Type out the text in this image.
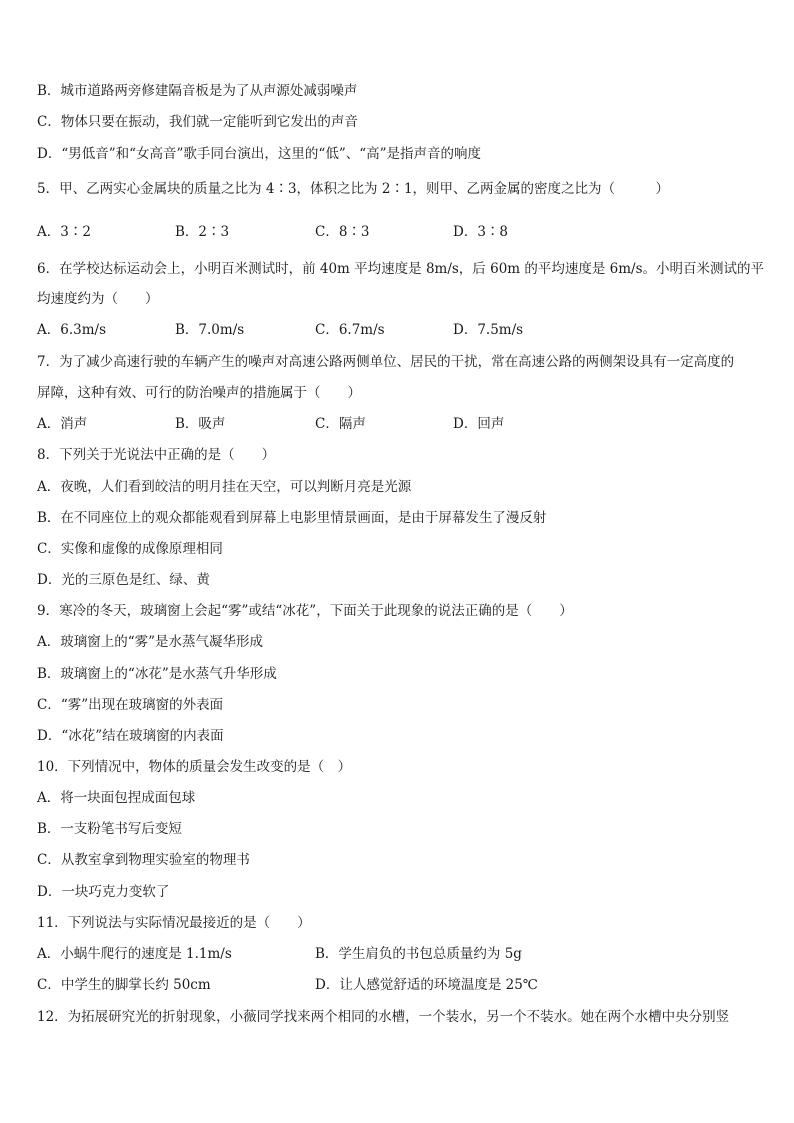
B．城市道路两旁修建隔音板是为了从声源处减弱噪声
C．物体只要在振动，我们就一定能听到它发出的声音
D．“男低音”和“女高音”歌手同台演出，这里的“低”、“高”是指声音的响度
5．甲、乙两实心金属块的质量之比为 4∶3，体积之比为 2∶1，则甲、乙两金属的密度之比为（　　　）
A．3∶2	B．2∶3	C．8∶3	D．3∶8
6．在学校达标运动会上，小明百米测试时，前 40m 平均速度是 8m/s，后 60m 的平均速度是 6m/s。小明百米测试的平
均速度约为（　　）
A．6.3m/s	B．7.0m/s	C．6.7m/s	D．7.5m/s
7．为了减少高速行驶的车辆产生的噪声对高速公路两侧单位、居民的干扰，常在高速公路的两侧架设具有一定高度的
屏障，这种有效、可行的防治噪声的措施属于（　　）
A．消声	B．吸声	C．隔声	D．回声
8．下列关于光说法中正确的是（　　）
A．夜晚，人们看到皎洁的明月挂在天空，可以判断月亮是光源
B．在不同座位上的观众都能观看到屏幕上电影里情景画面，是由于屏幕发生了漫反射
C．实像和虚像的成像原理相同
D．光的三原色是红、绿、黄
9．寒冷的冬天，玻璃窗上会起“雾”或结“冰花”，下面关于此现象的说法正确的是（　　）
A．玻璃窗上的“雾”是水蒸气凝华形成
B．玻璃窗上的“冰花”是水蒸气升华形成
C．“雾”出现在玻璃窗的外表面
D．“冰花”结在玻璃窗的内表面
10．下列情况中，物体的质量会发生改变的是（　）
A．将一块面包捏成面包球
B．一支粉笔书写后变短
C．从教室拿到物理实验室的物理书
D．一块巧克力变软了
11．下列说法与实际情况最接近的是（　　）
A．小蜗牛爬行的速度是 1.1m/s	B．学生肩负的书包总质量约为 5g
C．中学生的脚掌长约 50cm	D．让人感觉舒适的环境温度是 25℃
12．为拓展研究光的折射现象，小薇同学找来两个相同的水槽，一个装水，另一个不装水。她在两个水槽中央分别竖
